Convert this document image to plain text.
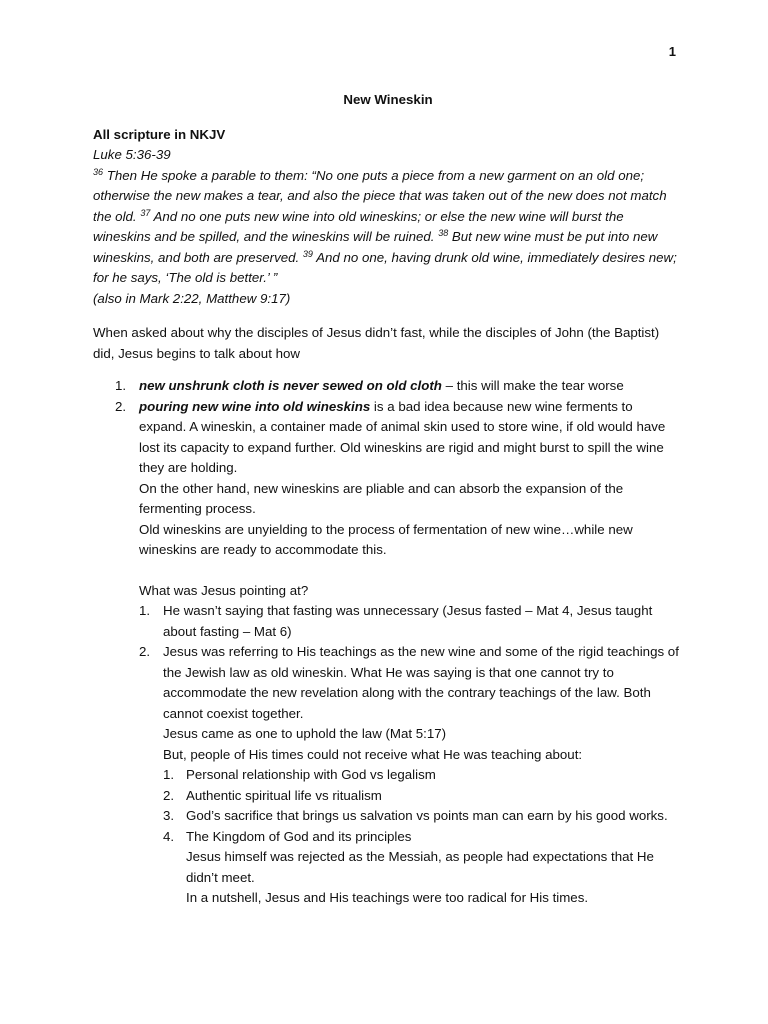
1

New Wineskin

All scripture in NKJV

Luke 5:36-39

$^{36}$ Then He spoke a parable to them: “No one puts a piece from a new garment on an old one; otherwise the new makes a tear, and also the piece that was taken out of the new does not match the old. $^{37}$ And no one puts new wine into old wineskins; or else the new wine will burst the wineskins and be spilled, and the wineskins will be ruined. $^{38}$ But new wine must be put into new wineskins, and both are preserved. $^{39}$ And no one, having drunk old wine, immediately desires new; for he says, ‘The old is better.’ ”

(also in Mark 2:22, Matthew 9:17)

When asked about why the disciples of Jesus didn’t fast, while the disciples of John (the Baptist) did, Jesus begins to talk about how

1. new unshrunk cloth is never sewed on old cloth – this will make the tear worse
2. pouring new wine into old wineskins is a bad idea because new wine ferments to expand. A wineskin, a container made of animal skin used to store wine, if old would have lost its capacity to expand further. Old wineskins are rigid and might burst to spill the wine they are holding.

On the other hand, new wineskins are pliable and can absorb the expansion of the fermenting process.

Old wineskins are unyielding to the process of fermentation of new wine…while new wineskins are ready to accommodate this.

What was Jesus pointing at?

1. He wasn’t saying that fasting was unnecessary (Jesus fasted – Mat 4, Jesus taught about fasting – Mat 6)
2. Jesus was referring to His teachings as the new wine and some of the rigid teachings of the Jewish law as old wineskin. What He was saying is that one cannot try to accommodate the new revelation along with the contrary teachings of the law. Both cannot coexist together.

Jesus came as one to uphold the law (Mat 5:17)

But, people of His times could not receive what He was teaching about:

1. Personal relationship with God vs legalism
2. Authentic spiritual life vs ritualism
3. God’s sacrifice that brings us salvation vs points man can earn by his good works.
4. The Kingdom of God and its principles

Jesus himself was rejected as the Messiah, as people had expectations that He didn’t meet.

In a nutshell, Jesus and His teachings were too radical for His times.
